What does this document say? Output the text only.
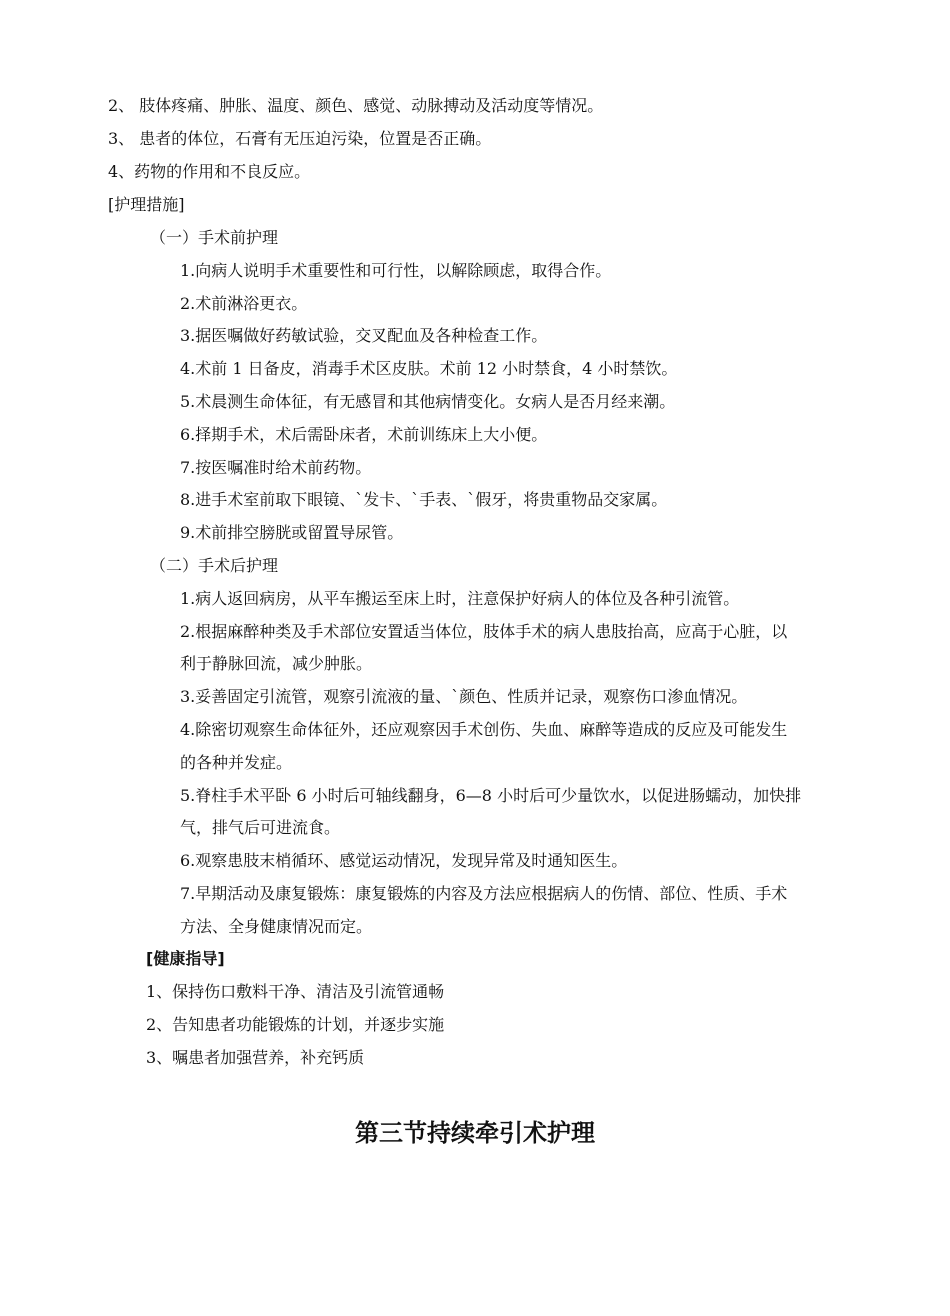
2、 肢体疼痛、肿胀、温度、颜色、感觉、动脉搏动及活动度等情况。
3、 患者的体位，石膏有无压迫污染，位置是否正确。
4、药物的作用和不良反应。
[护理措施]
（一）手术前护理
1.向病人说明手术重要性和可行性，以解除顾虑，取得合作。
2.术前淋浴更衣。
3.据医嘱做好药敏试验，交叉配血及各种检查工作。
4.术前 1 日备皮，消毒手术区皮肤。术前 12 小时禁食，4 小时禁饮。
5.术晨测生命体征，有无感冒和其他病情变化。女病人是否月经来潮。
6.择期手术，术后需卧床者，术前训练床上大小便。
7.按医嘱准时给术前药物。
8.进手术室前取下眼镜、`发卡、`手表、`假牙，将贵重物品交家属。
9.术前排空膀胱或留置导尿管。
（二）手术后护理
1.病人返回病房，从平车搬运至床上时，注意保护好病人的体位及各种引流管。
2.根据麻醉种类及手术部位安置适当体位，肢体手术的病人患肢抬高，应高于心脏，以
利于静脉回流，减少肿胀。
3.妥善固定引流管，观察引流液的量、`颜色、性质并记录，观察伤口渗血情况。
4.除密切观察生命体征外，还应观察因手术创伤、失血、麻醉等造成的反应及可能发生
的各种并发症。
5.脊柱手术平卧 6 小时后可轴线翻身，6—8 小时后可少量饮水，以促进肠蠕动，加快排
气，排气后可进流食。
6.观察患肢末梢循环、感觉运动情况，发现异常及时通知医生。
7.早期活动及康复锻炼：康复锻炼的内容及方法应根据病人的伤情、部位、性质、手术
方法、全身健康情况而定。
[健康指导]
1、保持伤口敷料干净、清洁及引流管通畅
2、告知患者功能锻炼的计划，并逐步实施
3、嘱患者加强营养，补充钙质
第三节持续牵引术护理
